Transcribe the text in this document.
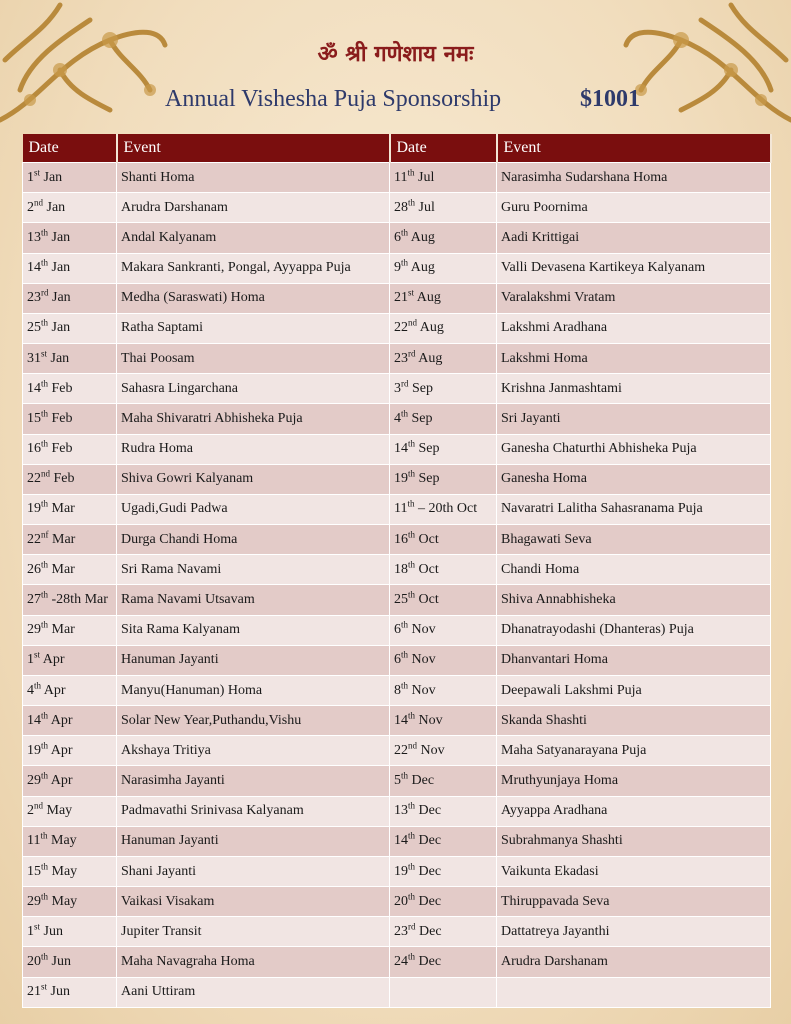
ॐ श्री गणेशाय नमः
Annual Vishesha Puja Sponsorship	$1001
Date	Event	Date	Event
1st Jan	Shanti Homa	11th Jul	Narasimha Sudarshana Homa
2nd Jan	Arudra Darshanam	28th Jul	Guru Poornima
13th Jan	Andal Kalyanam	6th Aug	Aadi Krittigai
14th Jan	Makara Sankranti, Pongal, Ayyappa Puja	9th Aug	Valli Devasena Kartikeya Kalyanam
23rd Jan	Medha (Saraswati) Homa	21st Aug	Varalakshmi Vratam
25th Jan	Ratha Saptami	22nd Aug	Lakshmi Aradhana
31st Jan	Thai Poosam	23rd Aug	Lakshmi Homa
14th Feb	Sahasra Lingarchana	3rd Sep	Krishna Janmashtami
15th Feb	Maha Shivaratri Abhisheka Puja	4th Sep	Sri Jayanti
16th Feb	Rudra Homa	14th Sep	Ganesha Chaturthi Abhisheka Puja
22nd Feb	Shiva Gowri Kalyanam	19th Sep	Ganesha Homa
19th Mar	Ugadi,Gudi Padwa	11th – 20th Oct	Navaratri Lalitha Sahasranama Puja
$22^{nf}$ Mar	Durga Chandi Homa	16th Oct	Bhagawati Seva
26th Mar	Sri Rama Navami	18th Oct	Chandi Homa
27th -28th Mar	Rama Navami Utsavam	25th Oct	Shiva Annabhisheka
29th Mar	Sita Rama Kalyanam	6th Nov	Dhanatrayodashi (Dhanteras) Puja
1st Apr	Hanuman Jayanti	6th Nov	Dhanvantari Homa
4th Apr	Manyu(Hanuman) Homa	8th Nov	Deepawali Lakshmi Puja
14th Apr	Solar New Year,Puthandu,Vishu	14th Nov	Skanda Shashti
19th Apr	Akshaya Tritiya	22nd Nov	Maha Satyanarayana Puja
29th Apr	Narasimha Jayanti	5th Dec	Mruthyunjaya Homa
2nd May	Padmavathi Srinivasa Kalyanam	13th Dec	Ayyappa Aradhana
11th May	Hanuman Jayanti	14th Dec	Subrahmanya Shashti
15th May	Shani Jayanti	19th Dec	Vaikunta Ekadasi
29th May	Vaikasi Visakam	20th Dec	Thiruppavada Seva
1st Jun	Jupiter Transit	23rd Dec	Dattatreya Jayanthi
20th Jun	Maha Navagraha Homa	24th Dec	Arudra Darshanam
21st Jun	Aani Uttiram		
